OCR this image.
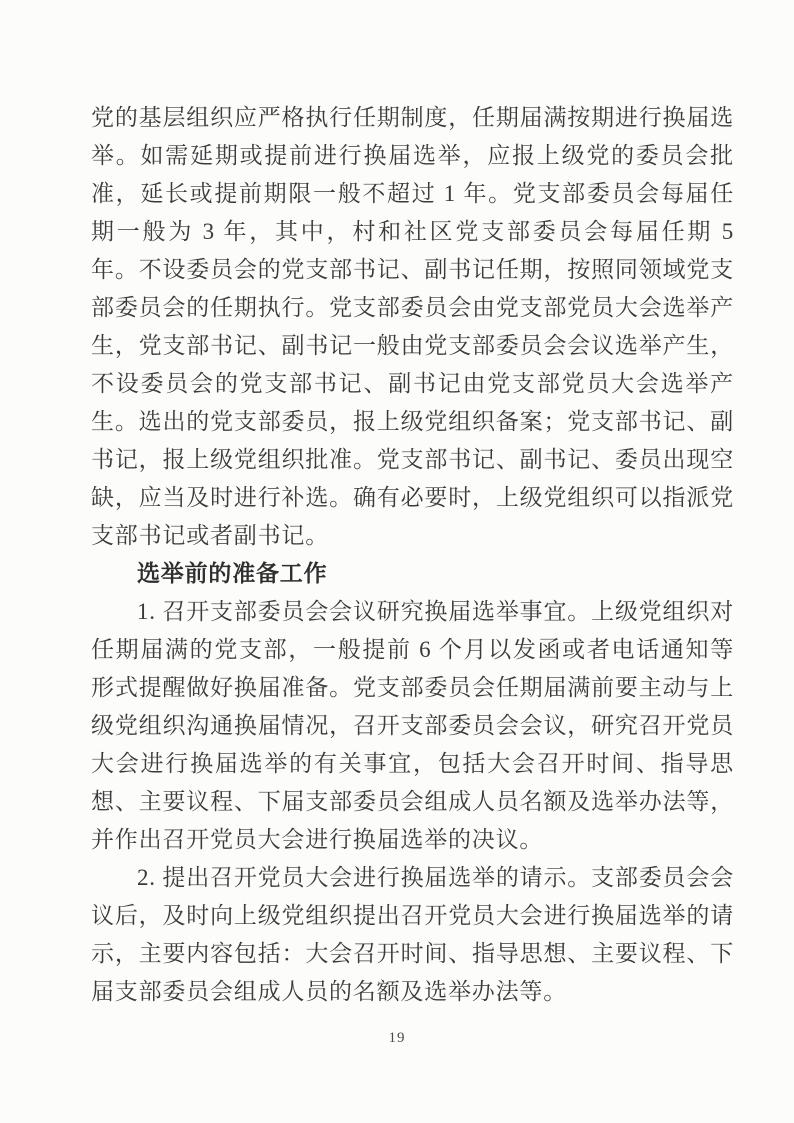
党的基层组织应严格执行任期制度，任期届满按期进行换届选举。如需延期或提前进行换届选举，应报上级党的委员会批准，延长或提前期限一般不超过 1 年。党支部委员会每届任期一般为 3 年，其中，村和社区党支部委员会每届任期 5 年。不设委员会的党支部书记、副书记任期，按照同领域党支部委员会的任期执行。党支部委员会由党支部党员大会选举产生，党支部书记、副书记一般由党支部委员会会议选举产生，不设委员会的党支部书记、副书记由党支部党员大会选举产生。选出的党支部委员，报上级党组织备案；党支部书记、副书记，报上级党组织批准。党支部书记、副书记、委员出现空缺，应当及时进行补选。确有必要时，上级党组织可以指派党支部书记或者副书记。

选举前的准备工作

1. 召开支部委员会会议研究换届选举事宜。上级党组织对任期届满的党支部，一般提前 6 个月以发函或者电话通知等形式提醒做好换届准备。党支部委员会任期届满前要主动与上级党组织沟通换届情况，召开支部委员会会议，研究召开党员大会进行换届选举的有关事宜，包括大会召开时间、指导思想、主要议程、下届支部委员会组成人员名额及选举办法等，并作出召开党员大会进行换届选举的决议。

2. 提出召开党员大会进行换届选举的请示。支部委员会会议后，及时向上级党组织提出召开党员大会进行换届选举的请示，主要内容包括：大会召开时间、指导思想、主要议程、下届支部委员会组成人员的名额及选举办法等。

19
